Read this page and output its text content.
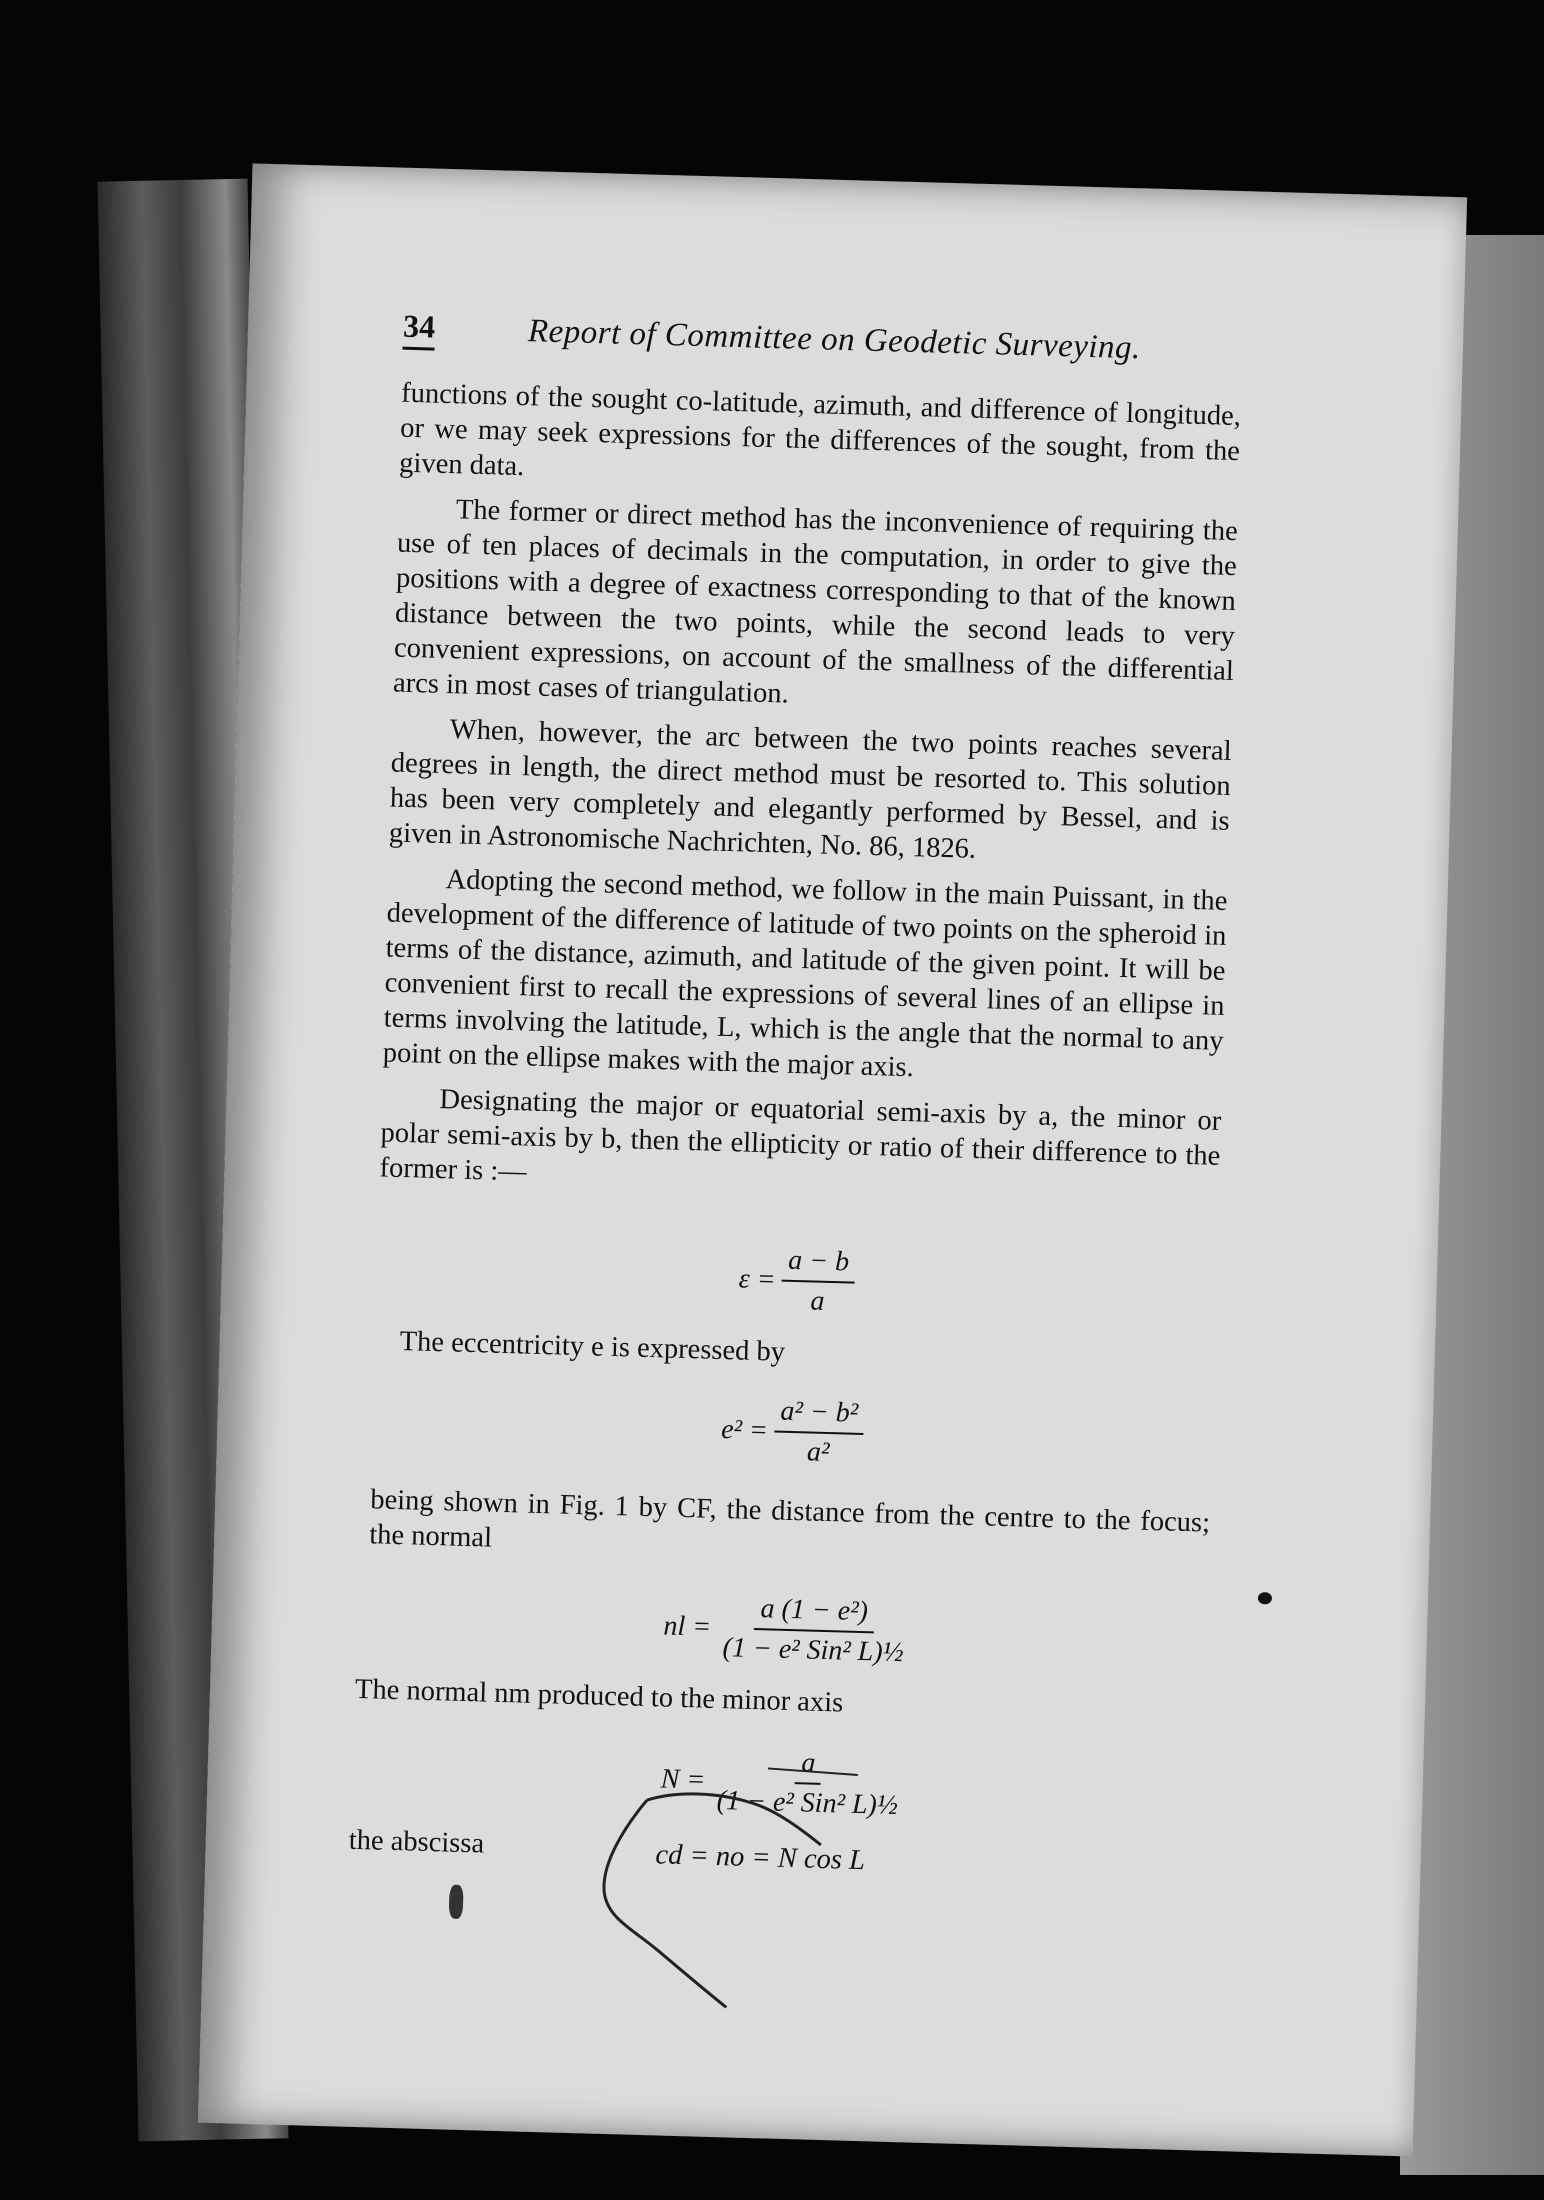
34	Report of Committee on Geodetic Surveying.

functions of the sought co-latitude, azimuth, and difference of longitude, or we may seek expressions for the differences of the sought, from the given data.

The former or direct method has the inconvenience of requiring the use of ten places of decimals in the computation, in order to give the positions with a degree of exactness corresponding to that of the known distance between the two points, while the second leads to very convenient expressions, on account of the smallness of the differential arcs in most cases of triangulation.

When, however, the arc between the two points reaches several degrees in length, the direct method must be resorted to. This solution has been very completely and elegantly performed by Bessel, and is given in Astronomische Nachrichten, No. 86, 1826.

Adopting the second method, we follow in the main Puissant, in the development of the difference of latitude of two points on the spheroid in terms of the distance, azimuth, and latitude of the given point. It will be convenient first to recall the expressions of several lines of an ellipse in terms involving the latitude, L, which is the angle that the normal to any point on the ellipse makes with the major axis.

Designating the major or equatorial semi-axis by a, the minor or polar semi-axis by b, then the ellipticity or ratio of their difference to the former is :—

$\varepsilon = \frac{a - b}{a}$

The eccentricity e is expressed by

$e^2 = \frac{\text{a² − b²}}{\text{a²}}$

being shown in Fig. 1 by CF, the distance from the centre to the focus; the normal

nl = $\frac{\text{a (1 − e²)}}{\text{(1 − e² Sin² L)½}}$

The normal nm produced to the minor axis

$N = \frac{a}{\text{(1 − e² Sin² L)½}}$
the abscissa	cd = no = N cos L
